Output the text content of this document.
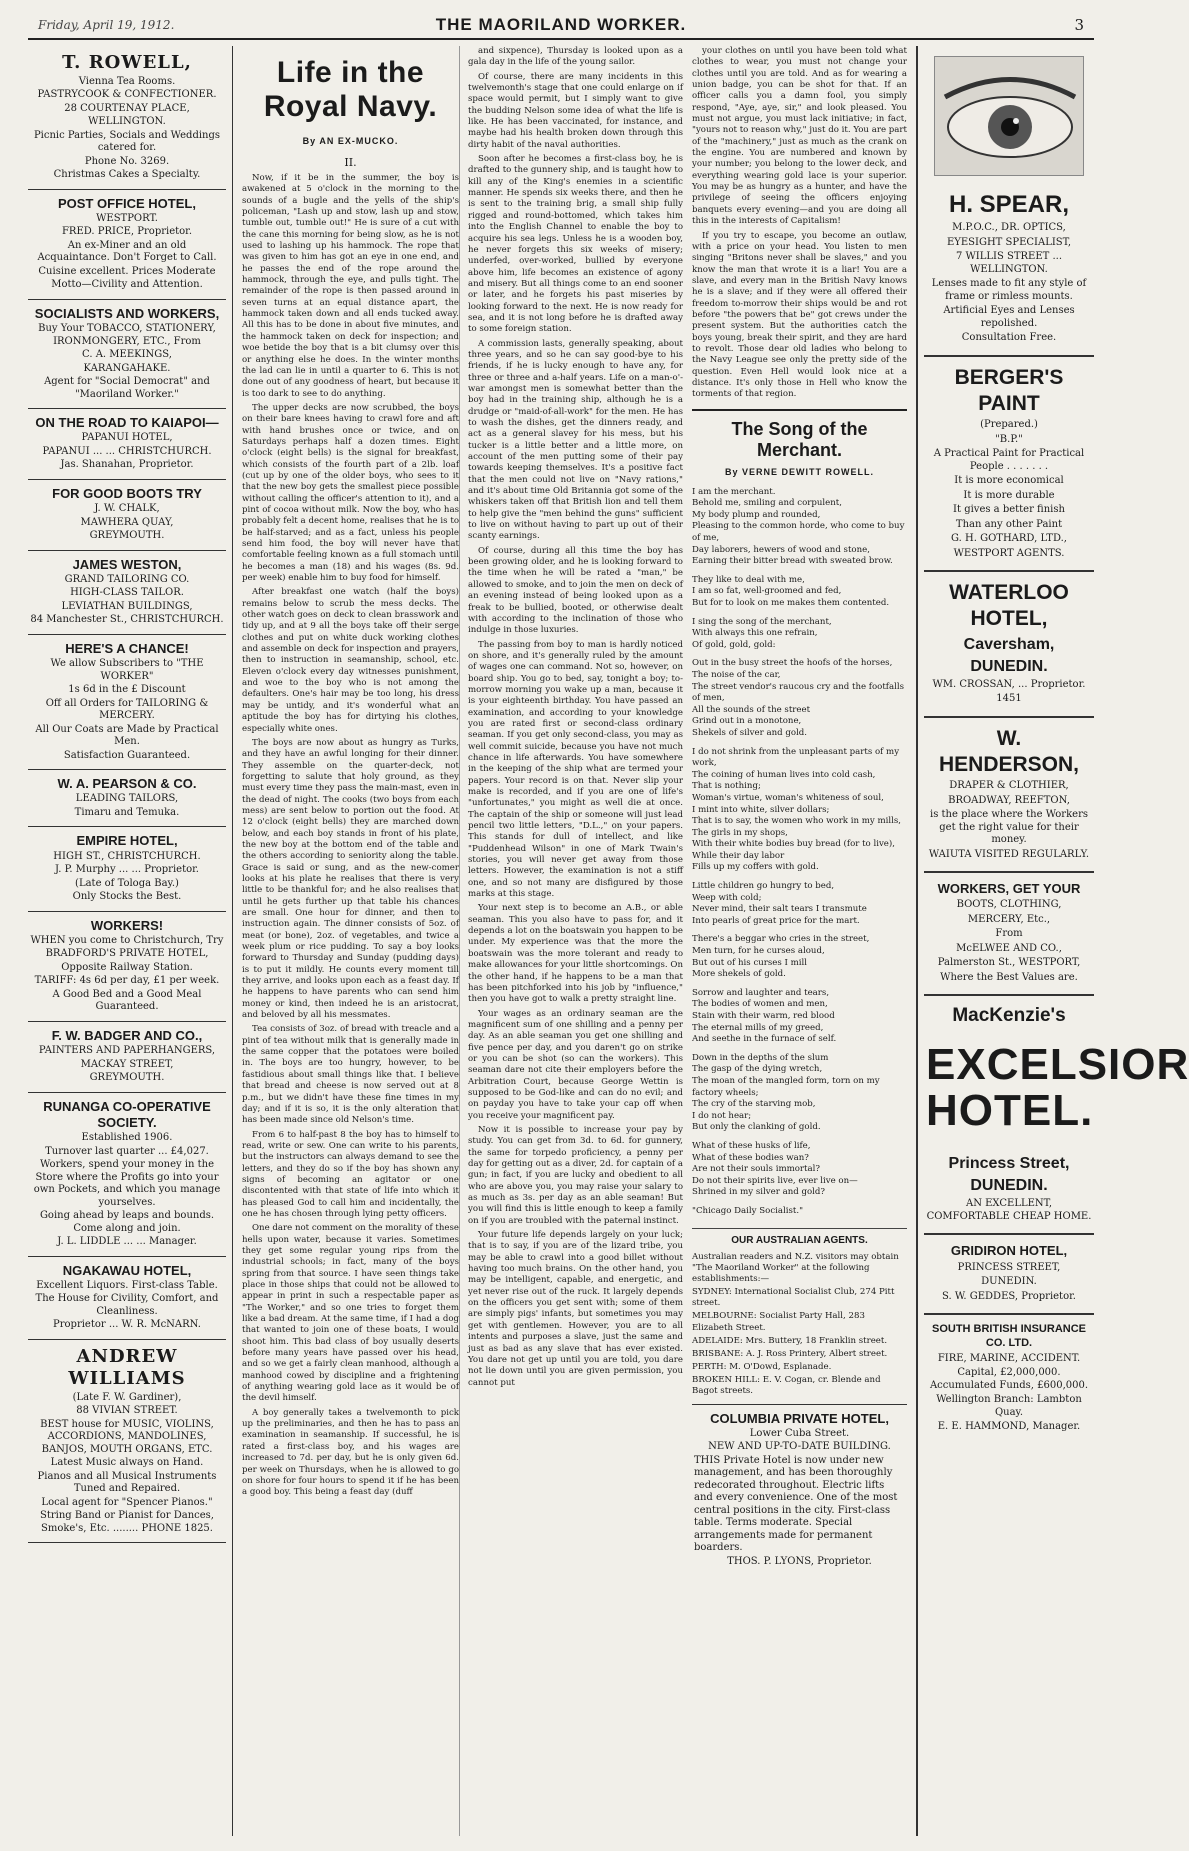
Friday, April 19, 1912.	THE MAORILAND WORKER.	3
T. ROWELL,

Vienna Tea Rooms.

PASTRYCOOK & CONFECTIONER.

28 COURTENAY PLACE,

WELLINGTON.

Picnic Parties, Socials and Weddings catered for.

Phone No. 3269.

Christmas Cakes a Specialty.

POST OFFICE HOTEL,

WESTPORT.

FRED. PRICE, Proprietor.

An ex-Miner and an old Acquaintance. Don't Forget to Call.

Cuisine excellent. Prices Moderate

Motto—Civility and Attention.

SOCIALISTS AND WORKERS,

Buy Your TOBACCO, STATIONERY, IRONMONGERY, ETC., From

C. A. MEEKINGS,

KARANGAHAKE.

Agent for "Social Democrat" and "Maoriland Worker."

ON THE ROAD TO KAIAPOI—

PAPANUI HOTEL,

PAPANUI ... ... CHRISTCHURCH.

Jas. Shanahan, Proprietor.

FOR GOOD BOOTS TRY

J. W. CHALK,

MAWHERA QUAY,

GREYMOUTH.

JAMES WESTON,

GRAND TAILORING CO.

HIGH-CLASS TAILOR.

LEVIATHAN BUILDINGS,

84 Manchester St., CHRISTCHURCH.

HERE'S A CHANCE!

We allow Subscribers to "THE WORKER"

1s 6d in the £ Discount

Off all Orders for TAILORING & MERCERY.

All Our Coats are Made by Practical Men.

Satisfaction Guaranteed.

W. A. PEARSON & CO.

LEADING TAILORS,

Timaru and Temuka.

EMPIRE HOTEL,

HIGH ST., CHRISTCHURCH.

J. P. Murphy ... ... Proprietor.

(Late of Tologa Bay.)

Only Stocks the Best.

WORKERS!

WHEN you come to Christchurch, Try

BRADFORD'S PRIVATE HOTEL,

Opposite Railway Station.

TARIFF: 4s 6d per day, £1 per week.

A Good Bed and a Good Meal Guaranteed.

F. W. BADGER AND CO.,

PAINTERS AND PAPERHANGERS,

MACKAY STREET,

GREYMOUTH.

RUNANGA CO-OPERATIVE SOCIETY.

Established 1906.

Turnover last quarter ... £4,027.

Workers, spend your money in the Store where the Profits go into your own Pockets, and which you manage yourselves.

Going ahead by leaps and bounds. Come along and join.

J. L. LIDDLE ... ... Manager.

NGAKAWAU HOTEL,

Excellent Liquors. First-class Table.

The House for Civility, Comfort, and Cleanliness.

Proprietor ... W. R. McNARN.

ANDREW WILLIAMS

(Late F. W. Gardiner),

88 VIVIAN STREET.

BEST house for MUSIC, VIOLINS, ACCORDIONS, MANDOLINES, BANJOS, MOUTH ORGANS, ETC.

Latest Music always on Hand.

Pianos and all Musical Instruments Tuned and Repaired.

Local agent for "Spencer Pianos."

String Band or Pianist for Dances, Smoke's, Etc. ........ PHONE 1825.

Life in the Royal Navy.
By AN EX-MUCKO.
II.

Now, if it be in the summer, the boy is awakened at 5 o'clock in the morning to the sounds of a bugle and the yells of the ship's policeman, "Lash up and stow, lash up and stow, tumble out, tumble out!" He is sure of a cut with the cane this morning for being slow, as he is not used to lashing up his hammock. The rope that was given to him has got an eye in one end, and he passes the end of the rope around the hammock, through the eye, and pulls tight. The remainder of the rope is then passed around in seven turns at an equal distance apart, the hammock taken down and all ends tucked away. All this has to be done in about five minutes, and the hammock taken on deck for inspection; and woe betide the boy that is a bit clumsy over this or anything else he does. In the winter months the lad can lie in until a quarter to 6. This is not done out of any goodness of heart, but because it is too dark to see to do anything.

The upper decks are now scrubbed, the boys on their bare knees having to crawl fore and aft with hand brushes once or twice, and on Saturdays perhaps half a dozen times. Eight o'clock (eight bells) is the signal for breakfast, which consists of the fourth part of a 2lb. loaf (cut up by one of the older boys, who sees to it that the new boy gets the smallest piece possible without calling the officer's attention to it), and a pint of cocoa without milk. Now the boy, who has probably felt a decent home, realises that he is to be half-starved; and as a fact, unless his people send him food, the boy will never have that comfortable feeling known as a full stomach until he becomes a man (18) and his wages (8s. 9d. per week) enable him to buy food for himself.

After breakfast one watch (half the boys) remains below to scrub the mess decks. The other watch goes on deck to clean brasswork and tidy up, and at 9 all the boys take off their serge clothes and put on white duck working clothes and assemble on deck for inspection and prayers, then to instruction in seamanship, school, etc. Eleven o'clock every day witnesses punishment, and woe to the boy who is not among the defaulters. One's hair may be too long, his dress may be untidy, and it's wonderful what an aptitude the boy has for dirtying his clothes, especially white ones.

The boys are now about as hungry as Turks, and they have an awful longing for their dinner. They assemble on the quarter-deck, not forgetting to salute that holy ground, as they must every time they pass the main-mast, even in the dead of night. The cooks (two boys from each mess) are sent below to portion out the food. At 12 o'clock (eight bells) they are marched down below, and each boy stands in front of his plate, the new boy at the bottom end of the table and the others according to seniority along the table. Grace is said or sung, and as the new-comer looks at his plate he realises that there is very little to be thankful for; and he also realises that until he gets further up that table his chances are small. One hour for dinner, and then to instruction again. The dinner consists of 5oz. of meat (or bone), 2oz. of vegetables, and twice a week plum or rice pudding. To say a boy looks forward to Thursday and Sunday (pudding days) is to put it mildly. He counts every moment till they arrive, and looks upon each as a feast day. If he happens to have parents who can send him money or kind, then indeed he is an aristocrat, and beloved by all his messmates.

Tea consists of 3oz. of bread with treacle and a pint of tea without milk that is generally made in the same copper that the potatoes were boiled in. The boys are too hungry, however, to be fastidious about small things like that. I believe that bread and cheese is now served out at 8 p.m., but we didn't have these fine times in my day; and if it is so, it is the only alteration that has been made since old Nelson's time.

From 6 to half-past 8 the boy has to himself to read, write or sew. One can write to his parents, but the instructors can always demand to see the letters, and they do so if the boy has shown any signs of becoming an agitator or one discontented with that state of life into which it has pleased God to call him and incidentally, the one he has chosen through lying petty officers.

One dare not comment on the morality of these hells upon water, because it varies. Sometimes they get some regular young rips from the industrial schools; in fact, many of the boys spring from that source. I have seen things take place in those ships that could not be allowed to appear in print in such a respectable paper as "The Worker," and so one tries to forget them like a bad dream. At the same time, if I had a dog that wanted to join one of these boats, I would shoot him. This bad class of boy usually deserts before many years have passed over his head, and so we get a fairly clean manhood, although a manhood cowed by discipline and a frightening of anything wearing gold lace as it would be of the devil himself.

A boy generally takes a twelvemonth to pick up the preliminaries, and then he has to pass an examination in seamanship. If successful, he is rated a first-class boy, and his wages are increased to 7d. per day, but he is only given 6d. per week on Thursdays, when he is allowed to go on shore for four hours to spend it if he has been a good boy. This being a feast day (duff

and sixpence), Thursday is looked upon as a gala day in the life of the young sailor.

Of course, there are many incidents in this twelvemonth's stage that one could enlarge on if space would permit, but I simply want to give the budding Nelson some idea of what the life is like. He has been vaccinated, for instance, and maybe had his health broken down through this dirty habit of the naval authorities.

Soon after he becomes a first-class boy, he is drafted to the gunnery ship, and is taught how to kill any of the King's enemies in a scientific manner. He spends six weeks there, and then he is sent to the training brig, a small ship fully rigged and round-bottomed, which takes him into the English Channel to enable the boy to acquire his sea legs. Unless he is a wooden boy, he never forgets this six weeks of misery; underfed, over-worked, bullied by everyone above him, life becomes an existence of agony and misery. But all things come to an end sooner or later, and he forgets his past miseries by looking forward to the next. He is now ready for sea, and it is not long before he is drafted away to some foreign station.

A commission lasts, generally speaking, about three years, and so he can say good-bye to his friends, if he is lucky enough to have any, for three or three and a-half years. Life on a man-o'-war amongst men is somewhat better than the boy had in the training ship, although he is a drudge or "maid-of-all-work" for the men. He has to wash the dishes, get the dinners ready, and act as a general slavey for his mess, but his tucker is a little better and a little more, on account of the men putting some of their pay towards keeping themselves. It's a positive fact that the men could not live on "Navy rations," and it's about time Old Britannia got some of the whiskers taken off that British lion and tell them to help give the "men behind the guns" sufficient to live on without having to part up out of their scanty earnings.

Of course, during all this time the boy has been growing older, and he is looking forward to the time when he will be rated a "man," be allowed to smoke, and to join the men on deck of an evening instead of being looked upon as a freak to be bullied, booted, or otherwise dealt with according to the inclination of those who indulge in those luxuries.

The passing from boy to man is hardly noticed on shore, and it's generally ruled by the amount of wages one can command. Not so, however, on board ship. You go to bed, say, tonight a boy; to-morrow morning you wake up a man, because it is your eighteenth birthday. You have passed an examination, and according to your knowledge you are rated first or second-class ordinary seaman. If you get only second-class, you may as well commit suicide, because you have not much chance in life afterwards. You have somewhere in the keeping of the ship what are termed your papers. Your record is on that. Never slip your make is recorded, and if you are one of life's "unfortunates," you might as well die at once. The captain of the ship or someone will just lead pencil two little letters, "D.L.," on your papers. This stands for dull of intellect, and like "Puddenhead Wilson" in one of Mark Twain's stories, you will never get away from those letters. However, the examination is not a stiff one, and so not many are disfigured by those marks at this stage.

Your next step is to become an A.B., or able seaman. This you also have to pass for, and it depends a lot on the boatswain you happen to be under. My experience was that the more the boatswain was the more tolerant and ready to make allowances for your little shortcomings. On the other hand, if he happens to be a man that has been pitchforked into his job by "influence," then you have got to walk a pretty straight line.

Your wages as an ordinary seaman are the magnificent sum of one shilling and a penny per day. As an able seaman you get one shilling and five pence per day, and you daren't go on strike or you can be shot (so can the workers). This seaman dare not cite their employers before the Arbitration Court, because George Wettin is supposed to be God-like and can do no evil; and on payday you have to take your cap off when you receive your magnificent pay.

Now it is possible to increase your pay by study. You can get from 3d. to 6d. for gunnery, the same for torpedo proficiency, a penny per day for getting out as a diver, 2d. for captain of a gun; in fact, if you are lucky and obedient to all who are above you, you may raise your salary to as much as 3s. per day as an able seaman! But you will find this is little enough to keep a family on if you are troubled with the paternal instinct.

Your future life depends largely on your luck; that is to say, if you are of the lizard tribe, you may be able to crawl into a good billet without having too much brains. On the other hand, you may be intelligent, capable, and energetic, and yet never rise out of the ruck. It largely depends on the officers you get sent with; some of them are simply pigs' infants, but sometimes you may get with gentlemen. However, you are to all intents and purposes a slave, just the same and just as bad as any slave that has ever existed. You dare not get up until you are told, you dare not lie down until you are given permission, you cannot put

your clothes on until you have been told what clothes to wear, you must not change your clothes until you are told. And as for wearing a union badge, you can be shot for that. If an officer calls you a damn fool, you simply respond, "Aye, aye, sir," and look pleased. You must not argue, you must lack initiative; in fact, "yours not to reason why," just do it. You are part of the "machinery," just as much as the crank on the engine. You are numbered and known by your number; you belong to the lower deck, and everything wearing gold lace is your superior. You may be as hungry as a hunter, and have the privilege of seeing the officers enjoying banquets every evening—and you are doing all this in the interests of Capitalism!

If you try to escape, you become an outlaw, with a price on your head. You listen to men singing "Britons never shall be slaves," and you know the man that wrote it is a liar! You are a slave, and every man in the British Navy knows he is a slave; and if they were all offered their freedom to-morrow their ships would be and rot before "the powers that be" got crews under the present system. But the authorities catch the boys young, break their spirit, and they are hard to revolt. Those dear old ladies who belong to the Navy League see only the pretty side of the question. Even Hell would look nice at a distance. It's only those in Hell who know the torments of that region.

The Song of the Merchant.
By VERNE DEWITT ROWELL.
I am the merchant.
Behold me, smiling and corpulent,
My body plump and rounded,
Pleasing to the common horde, who come to buy of me,
Day laborers, hewers of wood and stone,
Earning their bitter bread with sweated brow.
They like to deal with me,
I am so fat, well-groomed and fed,
But for to look on me makes them contented.
I sing the song of the merchant,
With always this one refrain,
Of gold, gold, gold:
Out in the busy street the hoofs of the horses,
The noise of the car,
The street vendor's raucous cry and the footfalls of men,
All the sounds of the street
Grind out in a monotone,
Shekels of silver and gold.
I do not shrink from the unpleasant parts of my work,
The coining of human lives into cold cash,
That is nothing;
Woman's virtue, woman's whiteness of soul,
I mint into white, silver dollars;
That is to say, the women who work in my mills,
The girls in my shops,
With their white bodies buy bread (for to live),
While their day labor
Fills up my coffers with gold.
Little children go hungry to bed,
Weep with cold;
Never mind, their salt tears I transmute
Into pearls of great price for the mart.
There's a beggar who cries in the street,
Men turn, for he curses aloud,
But out of his curses I mill
More shekels of gold.
Sorrow and laughter and tears,
The bodies of women and men,
Stain with their warm, red blood
The eternal mills of my greed,
And seethe in the furnace of self.
Down in the depths of the slum
The gasp of the dying wretch,
The moan of the mangled form, torn on my factory wheels;
The cry of the starving mob,
I do not hear;
But only the clanking of gold.
What of these husks of life,
What of these bodies wan?
Are not their souls immortal?
Do not their spirits live, ever live on—
Shrined in my silver and gold?
"Chicago Daily Socialist."
OUR AUSTRALIAN AGENTS.

Australian readers and N.Z. visitors may obtain "The Maoriland Worker" at the following establishments:—

SYDNEY: International Socialist Club, 274 Pitt street.

MELBOURNE: Socialist Party Hall, 283 Elizabeth Street.

ADELAIDE: Mrs. Buttery, 18 Franklin street.

BRISBANE: A. J. Ross Printery, Albert street.

PERTH: M. O'Dowd, Esplanade.

BROKEN HILL: E. V. Cogan, cr. Blende and Bagot streets.

COLUMBIA PRIVATE HOTEL,

Lower Cuba Street.

NEW AND UP-TO-DATE BUILDING.

THIS Private Hotel is now under new management, and has been thoroughly redecorated throughout. Electric lifts and every convenience. One of the most central positions in the city. First-class table. Terms moderate. Special arrangements made for permanent boarders.

THOS. P. LYONS, Proprietor.

H. SPEAR,

M.P.O.C., DR. OPTICS,

EYESIGHT SPECIALIST,

7 WILLIS STREET ... WELLINGTON.

Lenses made to fit any style of frame or rimless mounts.

Artificial Eyes and Lenses repolished.

Consultation Free.

BERGER'S PAINT

(Prepared.)

"B.P."

A Practical Paint for Practical People . . . . . . .

It is more economical

It is more durable

It gives a better finish

Than any other Paint

G. H. GOTHARD, LTD.,

WESTPORT AGENTS.

WATERLOO HOTEL,

Caversham,

DUNEDIN.

WM. CROSSAN, ... Proprietor.

1451

W. HENDERSON,

DRAPER & CLOTHIER,

BROADWAY, REEFTON,

is the place where the Workers get the right value for their money.

WAIUTA VISITED REGULARLY.

WORKERS, GET YOUR

BOOTS, CLOTHING,

MERCERY, Etc.,

From

McELWEE AND CO.,

Palmerston St., WESTPORT,

Where the Best Values are.

MacKenzie's
EXCELSIOR
HOTEL.

Princess Street,

DUNEDIN.

AN EXCELLENT, COMFORTABLE CHEAP HOME.

GRIDIRON HOTEL,

PRINCESS STREET,

DUNEDIN.

S. W. GEDDES, Proprietor.

SOUTH BRITISH INSURANCE CO. LTD.

FIRE, MARINE, ACCIDENT.

Capital, £2,000,000. Accumulated Funds, £600,000.

Wellington Branch: Lambton Quay.

E. E. HAMMOND, Manager.
